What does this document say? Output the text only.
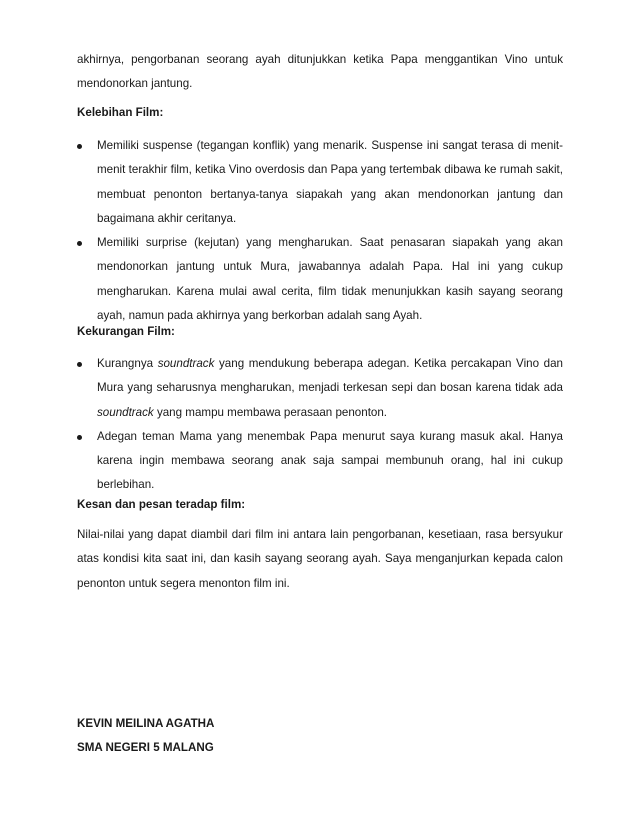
akhirnya, pengorbanan seorang ayah ditunjukkan ketika Papa menggantikan Vino untuk mendonorkan jantung.

Kelebihan Film:

Memiliki suspense (tegangan konflik) yang menarik. Suspense ini sangat terasa di menit-menit terakhir film, ketika Vino overdosis dan Papa yang tertembak dibawa ke rumah sakit, membuat penonton bertanya-tanya siapakah yang akan mendonorkan jantung dan bagaimana akhir ceritanya.
Memiliki surprise (kejutan) yang mengharukan. Saat penasaran siapakah yang akan mendonorkan jantung untuk Mura, jawabannya adalah Papa. Hal ini yang cukup mengharukan. Karena mulai awal cerita, film tidak menunjukkan kasih sayang seorang ayah, namun pada akhirnya yang berkorban adalah sang Ayah.

Kekurangan Film:

Kurangnya soundtrack yang mendukung beberapa adegan. Ketika percakapan Vino dan Mura yang seharusnya mengharukan, menjadi terkesan sepi dan bosan karena tidak ada soundtrack yang mampu membawa perasaan penonton.
Adegan teman Mama yang menembak Papa menurut saya kurang masuk akal. Hanya karena ingin membawa seorang anak saja sampai membunuh orang, hal ini cukup berlebihan.

Kesan dan pesan teradap film:

Nilai-nilai yang dapat diambil dari film ini antara lain pengorbanan, kesetiaan, rasa bersyukur atas kondisi kita saat ini, dan kasih sayang seorang ayah. Saya menganjurkan kepada calon penonton untuk segera menonton film ini.

KEVIN MEILINA AGATHA

SMA NEGERI 5 MALANG
